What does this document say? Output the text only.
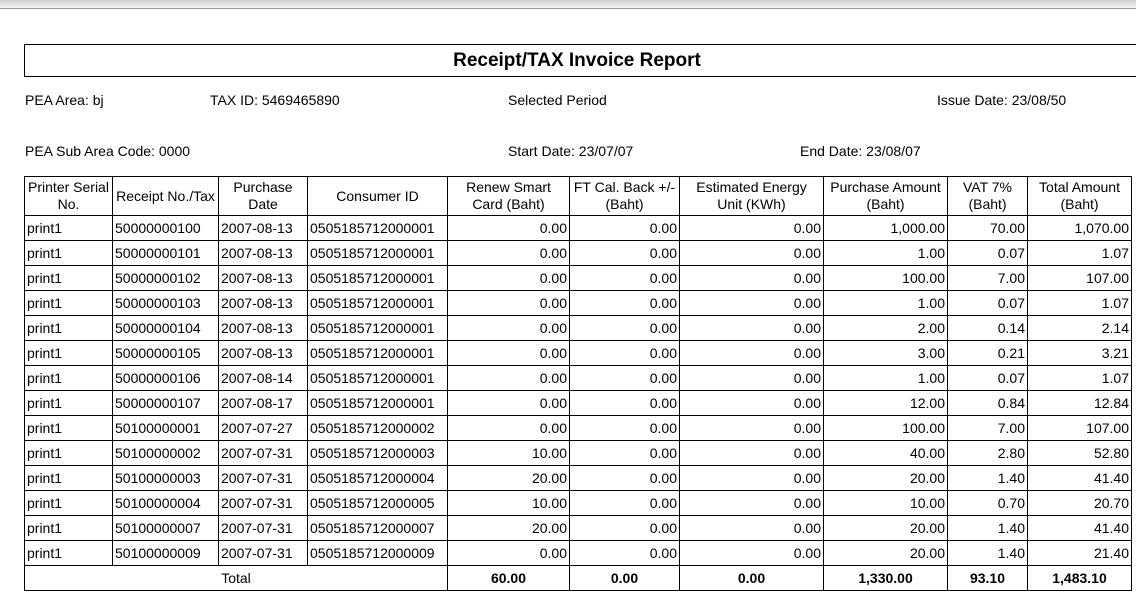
Receipt/TAX Invoice Report
PEA Area: bj	TAX ID: 5469465890	Selected Period	Issue Date: 23/08/50
PEA Sub Area Code: 0000	Start Date: 23/07/07	End Date: 23/08/07
Printer Serial No.	Receipt No./Tax	Purchase Date	Consumer ID	Renew Smart Card (Baht)	FT Cal. Back +/- (Baht)	Estimated Energy Unit (KWh)	Purchase Amount (Baht)	VAT 7% (Baht)	Total Amount (Baht)
print1	50000000100	2007-08-13	0505185712000001	0.00	0.00	0.00	1,000.00	70.00	1,070.00
print1	50000000101	2007-08-13	0505185712000001	0.00	0.00	0.00	1.00	0.07	1.07
print1	50000000102	2007-08-13	0505185712000001	0.00	0.00	0.00	100.00	7.00	107.00
print1	50000000103	2007-08-13	0505185712000001	0.00	0.00	0.00	1.00	0.07	1.07
print1	50000000104	2007-08-13	0505185712000001	0.00	0.00	0.00	2.00	0.14	2.14
print1	50000000105	2007-08-13	0505185712000001	0.00	0.00	0.00	3.00	0.21	3.21
print1	50000000106	2007-08-14	0505185712000001	0.00	0.00	0.00	1.00	0.07	1.07
print1	50000000107	2007-08-17	0505185712000001	0.00	0.00	0.00	12.00	0.84	12.84
print1	50100000001	2007-07-27	0505185712000002	0.00	0.00	0.00	100.00	7.00	107.00
print1	50100000002	2007-07-31	0505185712000003	10.00	0.00	0.00	40.00	2.80	52.80
print1	50100000003	2007-07-31	0505185712000004	20.00	0.00	0.00	20.00	1.40	41.40
print1	50100000004	2007-07-31	0505185712000005	10.00	0.00	0.00	10.00	0.70	20.70
print1	50100000007	2007-07-31	0505185712000007	20.00	0.00	0.00	20.00	1.40	41.40
print1	50100000009	2007-07-31	0505185712000009	0.00	0.00	0.00	20.00	1.40	21.40
Total				60.00	0.00	0.00	1,330.00	93.10	1,483.10
